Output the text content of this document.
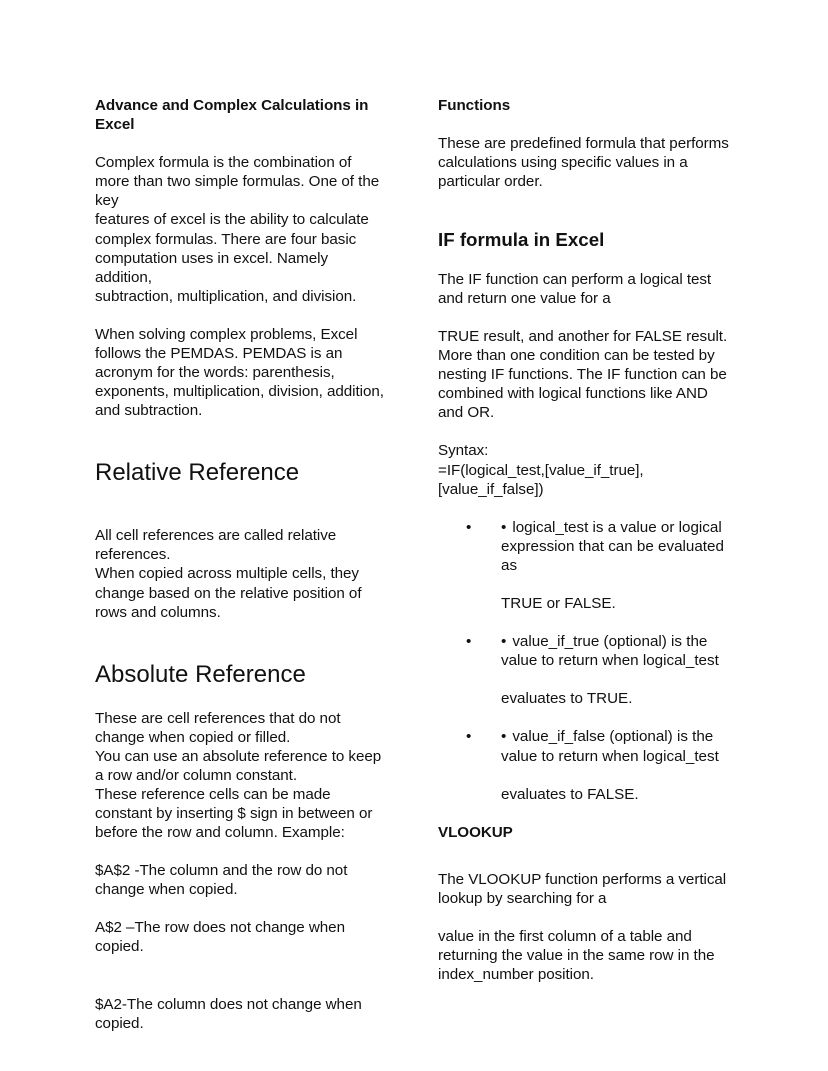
Advance and Complex Calculations in Excel

Complex formula is the combination of more than two simple formulas. One of the key

features of excel is the ability to calculate

complex formulas. There are four basic computation uses in excel. Namely addition,

subtraction, multiplication, and division.

When solving complex problems, Excel follows the PEMDAS. PEMDAS is an acronym for the words: parenthesis, exponents, multiplication, division, addition, and subtraction.

Relative Reference

All cell references are called relative references.

When copied across multiple cells, they change based on the relative position of rows and columns.

Absolute Reference

These are cell references that do not change when copied or filled.

You can use an absolute reference to keep a row and/or column constant.

These reference cells can be made constant by inserting $ sign in between or before the row and column. Example:

$A$2 -The column and the row do not change when copied.

A$2 –The row does not change when copied.

$A2-The column does not change when copied.

Functions

These are predefined formula that performs calculations using specific values in a particular order.

IF formula in Excel

The IF function can perform a logical test and return one value for a

TRUE result, and another for FALSE result. More than one condition can be tested by nesting IF functions. The IF function can be combined with logical functions like AND and OR.

Syntax:

=IF(logical_test,[value_if_true],[value_if_false])

•	• logical_test is a value or logical expression that can be evaluated as
TRUE or FALSE.
•	• value_if_true (optional) is the value to return when logical_test
evaluates to TRUE.
•	• value_if_false (optional) is the value to return when logical_test
evaluates to FALSE.
VLOOKUP

The VLOOKUP function performs a vertical lookup by searching for a

value in the first column of a table and returning the value in the same row in the index_number position.
